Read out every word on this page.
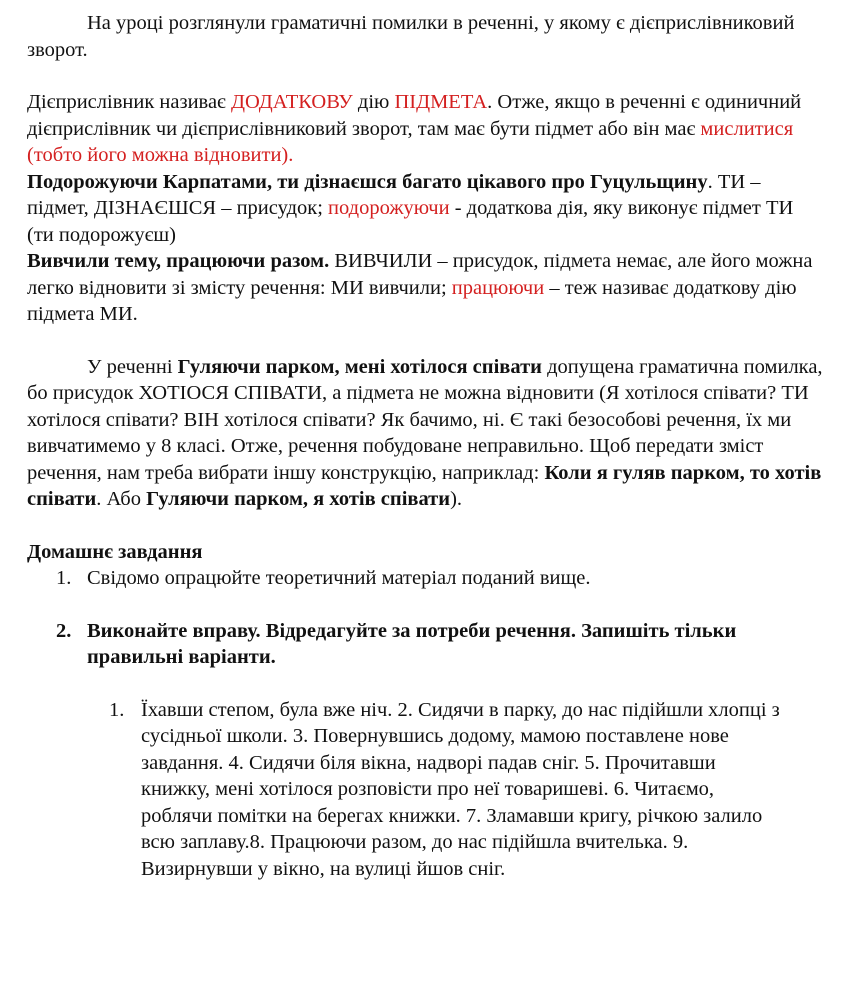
На уроці розглянули граматичні помилки в реченні, у якому є дієприслівниковий зворот.

Дієприслівник називає ДОДАТКОВУ дію ПІДМЕТА. Отже, якщо в реченні є одиничний дієприслівник чи дієприслівниковий зворот, там має бути підмет або він має мислитися (тобто його можна відновити).

Подорожуючи Карпатами, ти дізнаєшся багато цікавого про Гуцульщину. ТИ – підмет, ДІЗНАЄШСЯ – присудок; подорожуючи - додаткова дія, яку виконує підмет ТИ (ти подорожуєш)

Вивчили тему, працюючи разом. ВИВЧИЛИ – присудок, підмета немає, але його можна легко відновити зі змісту речення: МИ вивчили; працюючи – теж називає додаткову дію підмета МИ.

У реченні Гуляючи парком, мені хотілося співати допущена граматична помилка, бо присудок ХОТІОСЯ СПІВАТИ, а підмета не можна відновити (Я хотілося співати? ТИ хотілося співати? ВІН хотілося співати? Як бачимо, ні. Є такі безособові речення, їх ми вивчатимемо у 8 класі. Отже, речення побудоване неправильно. Щоб передати зміст речення, нам треба вибрати іншу конструкцію, наприклад: Коли я гуляв парком, то хотів співати. Або Гуляючи парком, я хотів співати).

Домашнє завдання

1. Свідомо опрацюйте теоретичний матеріал поданий вище.
2. Виконайте вправу. Відредагуйте за потреби речення. Запишіть тільки правильні варіанти.
1. Їхавши степом, була вже ніч. 2. Сидячи в парку, до нас підійшли хлопці з сусідньої школи. 3. Повернувшись додому, мамою поставлене нове завдання. 4. Сидячи біля вікна, надворі падав сніг. 5. Прочитавши книжку, мені хотілося розповісти про неї товаришеві. 6. Читаємо, роблячи помітки на берегах книжки. 7. Зламавши кригу, річкою залило всю заплаву.8. Працюючи разом, до нас підійшла вчителька. 9. Визирнувши у вікно, на вулиці йшов сніг.
